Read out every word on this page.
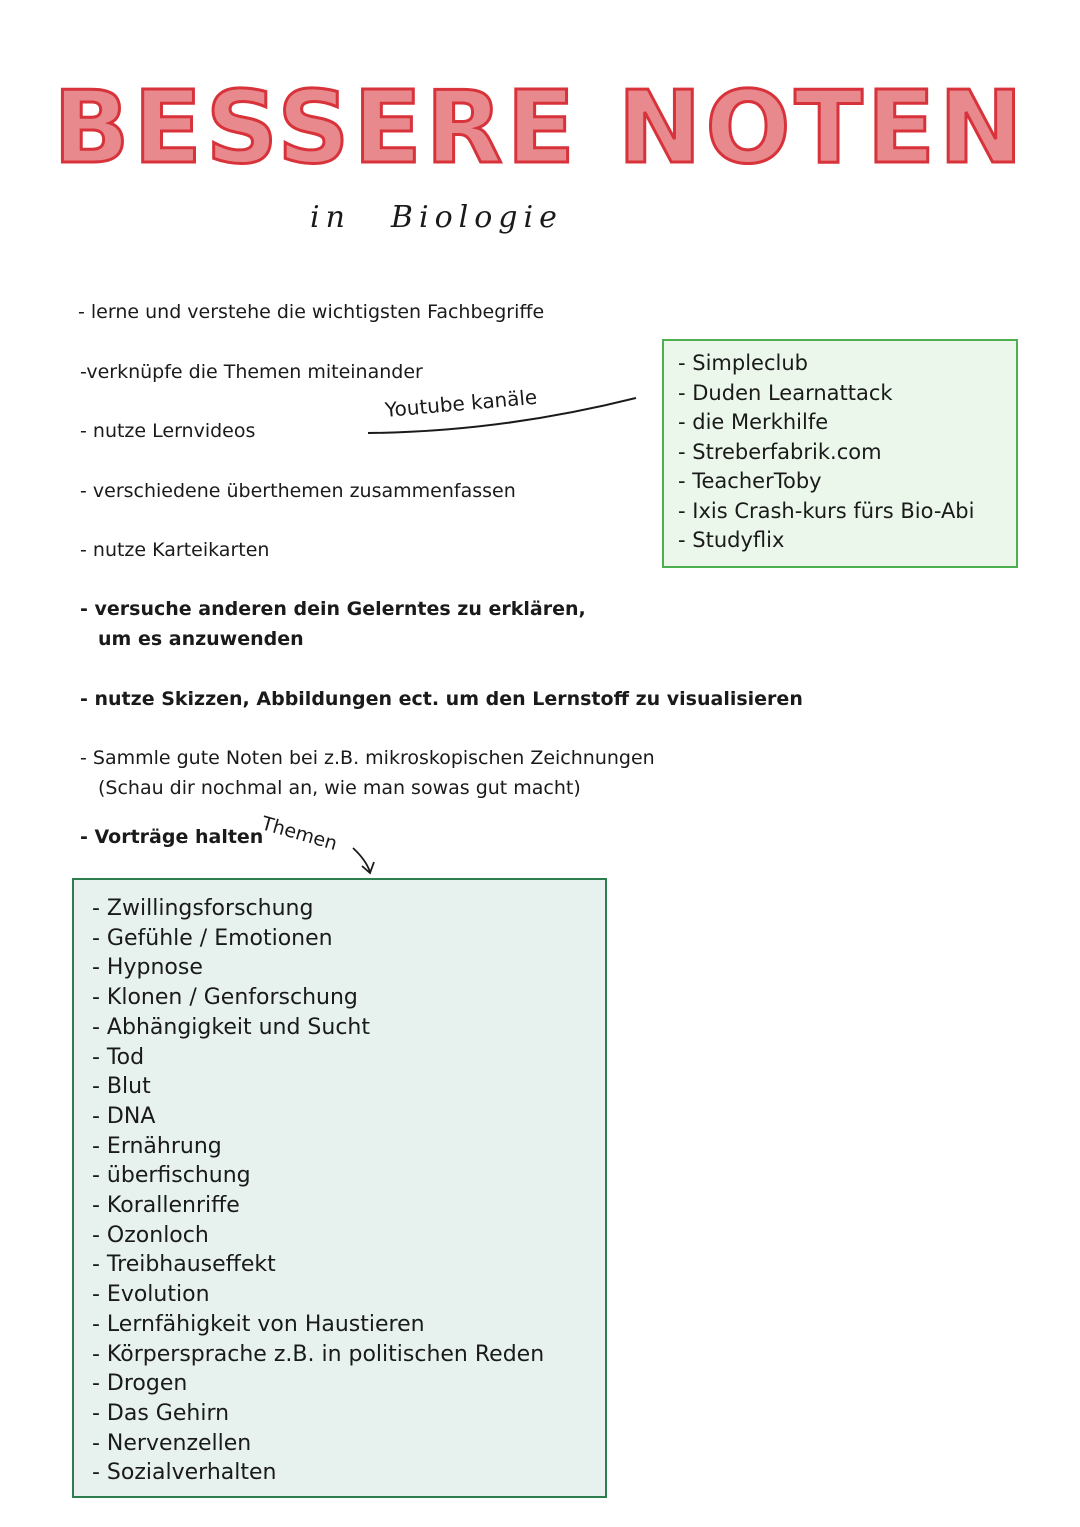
BESSERE NOTEN
in Biologie
- lerne und verstehe die wichtigsten Fachbegriffe
-verknüpfe die Themen miteinander
- nutze Lernvideos
- verschiedene überthemen zusammenfassen
- nutze Karteikarten
- versuche anderen dein Gelerntes zu erklären,
um es anzuwenden
- nutze Skizzen, Abbildungen ect. um den Lernstoff zu visualisieren
- Sammle gute Noten bei z.B. mikroskopischen Zeichnungen
(Schau dir nochmal an, wie man sowas gut macht)
- Vorträge halten
Youtube kanäle
Themen
- Simpleclub
- Duden Learnattack
- die Merkhilfe
- Streberfabrik.com
- TeacherToby
- Ixis Crash-kurs fürs Bio-Abi
- Studyflix
- Zwillingsforschung
- Gefühle / Emotionen
- Hypnose
- Klonen / Genforschung
- Abhängigkeit und Sucht
- Tod
- Blut
- DNA
- Ernährung
- überfischung
- Korallenriffe
- Ozonloch
- Treibhauseffekt
- Evolution
- Lernfähigkeit von Haustieren
- Körpersprache z.B. in politischen Reden
- Drogen
- Das Gehirn
- Nervenzellen
- Sozialverhalten
